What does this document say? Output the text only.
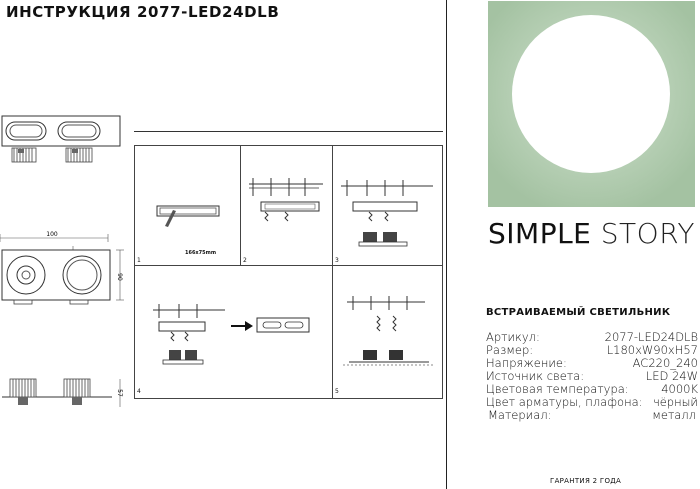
ИНСТРУКЦИЯ 2077-LED24DLB
100
90
57
166x75mm
1	2	3
4	5
SIMPLE STORY
ВСТРАИВАЕМЫЙ СВЕТИЛЬНИК
Артикул:	2077-LED24DLB
Размер:	L180xW90xH57
Напряжение:	AC220_240
Источник света:	LED 24W
Цветовая температура:	4000K
Цвет арматуры, плафона: чёрный
Материал:	металл
ГАРАНТИЯ 2 ГОДА
